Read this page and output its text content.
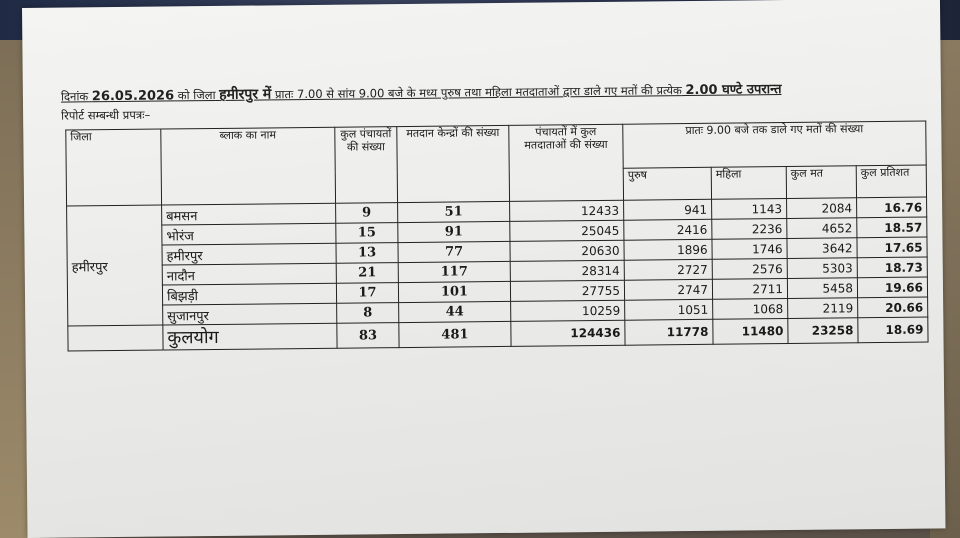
दिनांक 26.05.2026 को जिला हमीरपुर में प्रातः 7.00 से सांय 9.00 बजे के मध्य पुरुष तथा महिला मतदाताओं द्वारा डाले गए मतों की प्रत्येक 2.00 घण्टे उपरान्त
रिपोर्ट सम्बन्धी प्रपत्रः–
जिला	ब्लाक का नाम	कुल पंचायतों की संख्या	मतदान केन्द्रों की संख्या	पंचायतों में कुल मतदाताओं की संख्या	प्रातः 9.00 बजे तक डाले गए मतों की संख्या			
					पुरुष	महिला	कुल मत	कुल प्रतिशत
हमीरपुर	बमसन	9	51	12433	941	1143	2084	16.76
	भोरंज	15	91	25045	2416	2236	4652	18.57
	हमीरपुर	13	77	20630	1896	1746	3642	17.65
	नादौन	21	117	28314	2727	2576	5303	18.73
	बिझड़ी	17	101	27755	2747	2711	5458	19.66
	सुजानपुर	8	44	10259	1051	1068	2119	20.66
	कुलयोग	83	481	124436	11778	11480	23258	18.69
